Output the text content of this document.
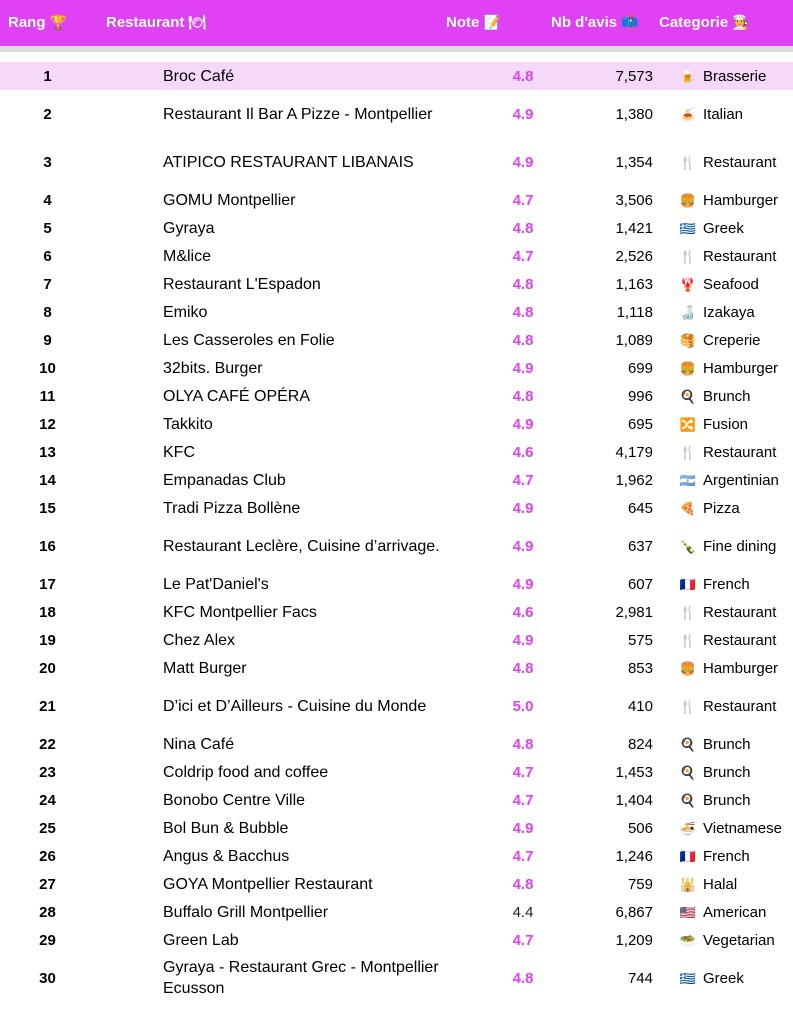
Rang 🏆	Restaurant 🍽	Note 📝	Nb d'avis 📫 Categorie 👨‍🍳
1	Broc Café	4.8	7,573	🍺 Brasserie
2	Restaurant Il Bar A Pizze - Montpellier	4.9	1,380	🍝 Italian
3	ATIPICO RESTAURANT LIBANAIS	4.9	1,354	🍴 Restaurant
4	GOMU Montpellier	4.7	3,506	🍔 Hamburger
5	Gyraya	4.8	1,421	🇬🇷 Greek
6	M&lice	4.7	2,526	🍴 Restaurant
7	Restaurant L'Espadon	4.8	1,163	🦞 Seafood
8	Emiko	4.8	1,118	🍶 Izakaya
9	Les Casseroles en Folie	4.8	1,089	🥞 Creperie
10	32bits. Burger	4.9	699	🍔 Hamburger
11	OLYA CAFÉ OPÉRA	4.8	996	🍳 Brunch
12	Takkito	4.9	695	🔀 Fusion
13	KFC	4.6	4,179	🍴 Restaurant
14	Empanadas Club	4.7	1,962	🇦🇷 Argentinian
15	Tradi Pizza Bollène	4.9	645	🍕 Pizza
16	Restaurant Leclère, Cuisine d’arrivage.	4.9	637	🍾 Fine dining
17	Le Pat'Daniel's	4.9	607	🇫🇷 French
18	KFC Montpellier Facs	4.6	2,981	🍴 Restaurant
19	Chez Alex	4.9	575	🍴 Restaurant
20	Matt Burger	4.8	853	🍔 Hamburger
21	D’ici et D’Ailleurs - Cuisine du Monde	5.0	410	🍴 Restaurant
22	Nina Café	4.8	824	🍳 Brunch
23	Coldrip food and coffee	4.7	1,453	🍳 Brunch
24	Bonobo Centre Ville	4.7	1,404	🍳 Brunch
25	Bol Bun & Bubble	4.9	506	🍜 Vietnamese
26	Angus & Bacchus	4.7	1,246	🇫🇷 French
27	GOYA Montpellier Restaurant	4.8	759	🕌 Halal
28	Buffalo Grill Montpellier	4.4	6,867	🇺🇸 American
29	Green Lab	4.7	1,209	🥗 Vegetarian
30	Gyraya - Restaurant Grec - Montpellier Ecusson	4.8	744	🇬🇷 Greek
